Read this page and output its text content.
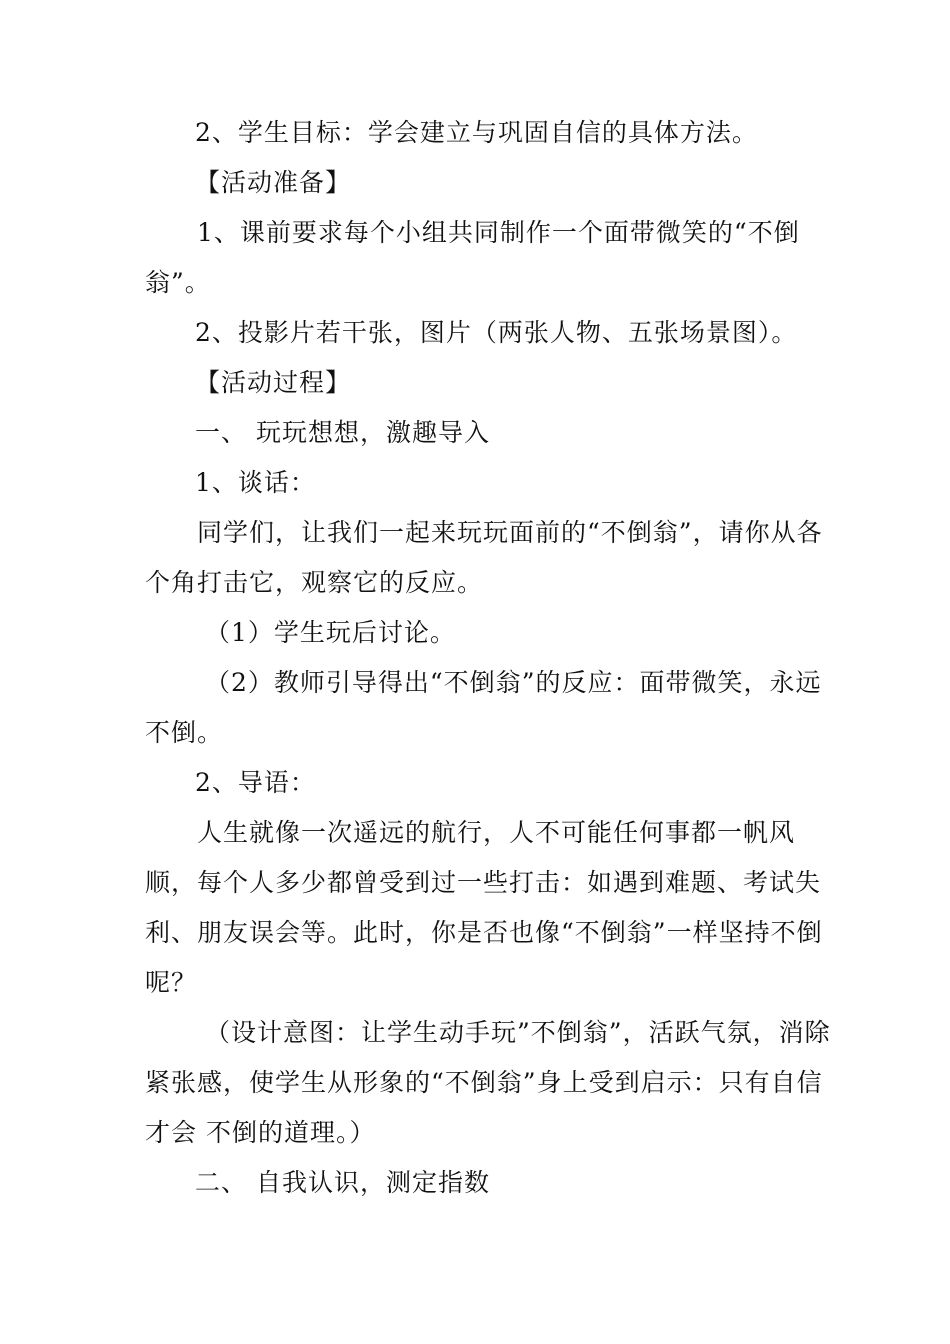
2、学生目标：学会建立与巩固自信的具体方法。

【活动准备】

1、课前要求每个小组共同制作一个面带微笑的“不倒翁”。

2、投影片若干张，图片（两张人物、五张场景图）。

【活动过程】

一、 玩玩想想，激趣导入

1、谈话：

同学们，让我们一起来玩玩面前的“不倒翁”，请你从各个角打击它，观察它的反应。

（1）学生玩后讨论。

（2）教师引导得出“不倒翁”的反应：面带微笑，永远不倒。

2、导语：

人生就像一次遥远的航行，人不可能任何事都一帆风顺，每个人多少都曾受到过一些打击：如遇到难题、考试失利、朋友误会等。此时，你是否也像“不倒翁”一样坚持不倒呢？

（设计意图：让学生动手玩”不倒翁”，活跃气氛，消除紧张感，使学生从形象的“不倒翁”身上受到启示：只有自信才会 不倒的道理。）

二、 自我认识，测定指数
